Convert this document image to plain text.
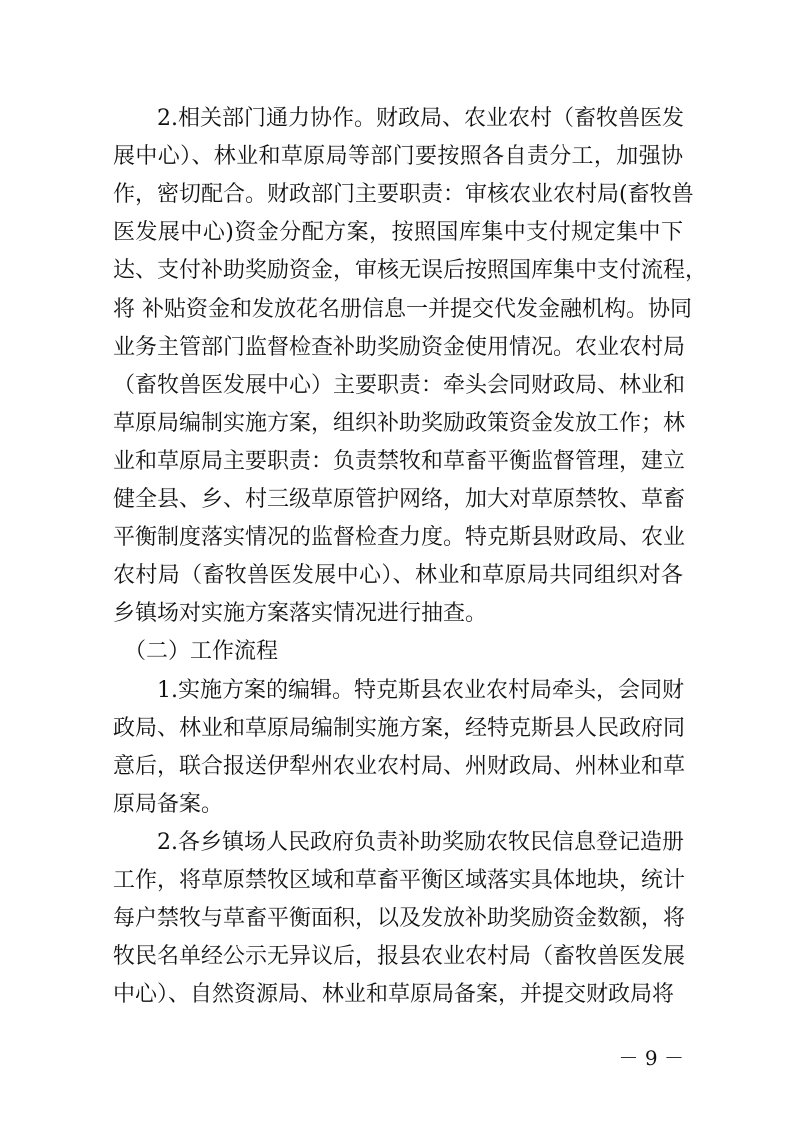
　　2.相关部门通力协作。财政局、农业农村（畜牧兽医发
展中心）、林业和草原局等部门要按照各自责分工，加强协
作，密切配合。财政部门主要职责：审核农业农村局(畜牧兽
医发展中心)资金分配方案，按照国库集中支付规定集中下
达、支付补助奖励资金，审核无误后按照国库集中支付流程，
将 补贴资金和发放花名册信息一并提交代发金融机构。协同
业务主管部门监督检查补助奖励资金使用情况。农业农村局
（畜牧兽医发展中心）主要职责：牵头会同财政局、林业和
草原局编制实施方案，组织补助奖励政策资金发放工作；林
业和草原局主要职责：负责禁牧和草畜平衡监督管理，建立
健全县、乡、村三级草原管护网络，加大对草原禁牧、草畜
平衡制度落实情况的监督检查力度。特克斯县财政局、农业
农村局（畜牧兽医发展中心）、林业和草原局共同组织对各
乡镇场对实施方案落实情况进行抽查。
　（二）工作流程
　　1.实施方案的编辑。特克斯县农业农村局牵头，会同财
政局、林业和草原局编制实施方案，经特克斯县人民政府同
意后，联合报送伊犁州农业农村局、州财政局、州林业和草
原局备案。
　　2.各乡镇场人民政府负责补助奖励农牧民信息登记造册
工作，将草原禁牧区域和草畜平衡区域落实具体地块，统计
每户禁牧与草畜平衡面积，以及发放补助奖励资金数额，将
牧民名单经公示无异议后，报县农业农村局（畜牧兽医发展
中心）、自然资源局、林业和草原局备案，并提交财政局将
－ 9 －
